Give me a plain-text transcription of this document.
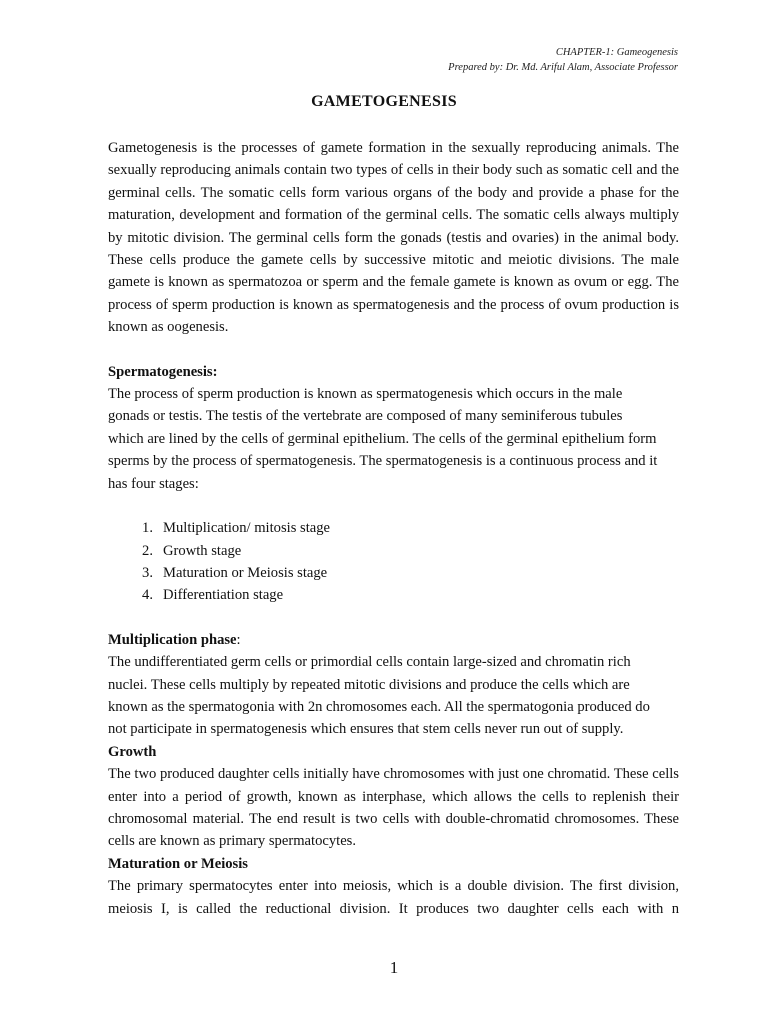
CHAPTER-1: Gameogenesis
Prepared by: Dr. Md. Ariful Alam, Associate Professor
GAMETOGENESIS

Gametogenesis is the processes of gamete formation in the sexually reproducing animals. The sexually reproducing animals contain two types of cells in their body such as somatic cell and the germinal cells. The somatic cells form various organs of the body and provide a phase for the maturation, development and formation of the germinal cells. The somatic cells always multiply by mitotic division. The germinal cells form the gonads (testis and ovaries) in the animal body. These cells produce the gamete cells by successive mitotic and meiotic divisions. The male gamete is known as spermatozoa or sperm and the female gamete is known as ovum or egg. The process of sperm production is known as spermatogenesis and the process of ovum production is known as oogenesis.

Spermatogenesis:

The process of sperm production is known as spermatogenesis which occurs in the male
gonads or testis. The testis of the vertebrate are composed of many seminiferous tubules
which are lined by the cells of germinal epithelium. The cells of the germinal epithelium form
sperms by the process of spermatogenesis. The spermatogenesis is a continuous process and it
has four stages:

1. Multiplication/ mitosis stage
2. Growth stage
3. Maturation or Meiosis stage
4. Differentiation stage

Multiplication phase:

The undifferentiated germ cells or primordial cells contain large-sized and chromatin rich
nuclei. These cells multiply by repeated mitotic divisions and produce the cells which are
known as the spermatogonia with 2n chromosomes each. All the spermatogonia produced do
not participate in spermatogenesis which ensures that stem cells never run out of supply.

Growth

The two produced daughter cells initially have chromosomes with just one chromatid. These cells enter into a period of growth, known as interphase, which allows the cells to replenish their chromosomal material. The end result is two cells with double-chromatid chromosomes. These cells are known as primary spermatocytes.

Maturation or Meiosis

The primary spermatocytes enter into meiosis, which is a double division. The first division, meiosis I, is called the reductional division. It produces two daughter cells each with n

1
